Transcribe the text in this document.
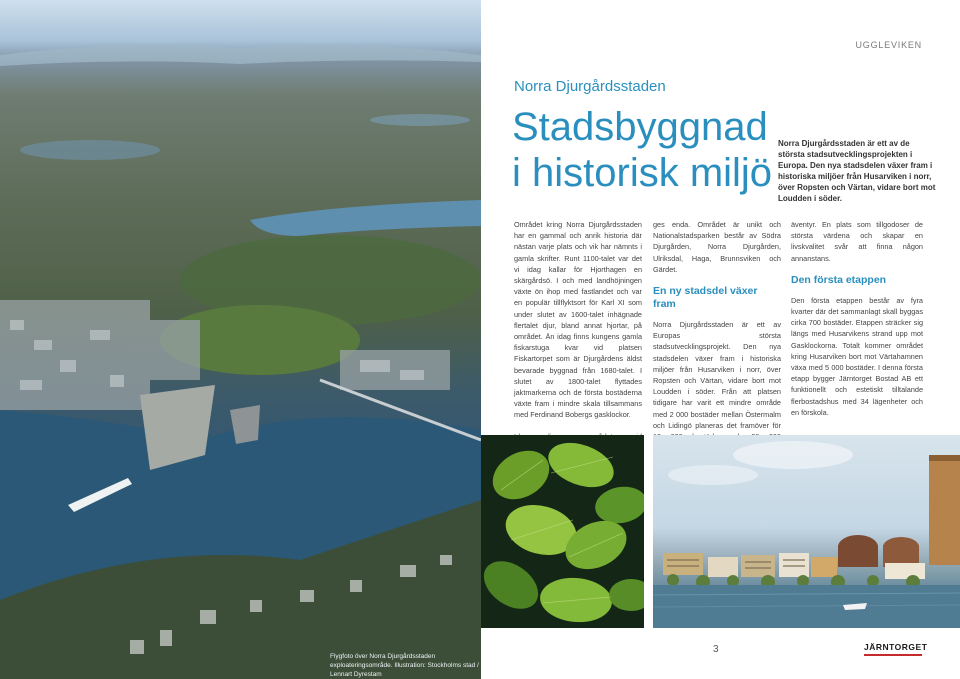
Flygfoto över Norra Djurgårdsstaden exploateringsområde. Illustration: Stockholms stad / Lennart Dyrestam
UGGLEVIKEN
Norra Djurgårdsstaden
Stadsbyggnad
i historisk miljö

Norra Djurgårdsstaden är ett av de största stadsutvecklingsprojekten i Europa. Den nya stadsdelen växer fram i historiska miljöer från Husarviken i norr, över Ropsten och Värtan, vidare bort mot Loudden i söder.

Området kring Norra Djurgårdsstaden har en gammal och anrik historia där nästan varje plats och vik har nämnts i gamla skrifter. Runt 1100-talet var det vi idag kallar för Hjorthagen en skärgårdsö. I och med landhöjningen växte ön ihop med fastlandet och var en populär tillflyktsort för Karl XI som under slutet av 1600-talet inhägnade flertalet djur, bland annat hjortar, på området. Än idag finns kungens gamla fiskarstuga kvar vid platsen Fiskartorpet som är Djurgårdens äldst bevarade byggnad från 1680-talet. I slutet av 1800-talet flyttades jaktmarkerna och de första bostäderna växte fram i mindre skala tillsammans med Ferdinand Bobergs gasklockor.

ges enda. Området är unikt och Nationalstadsparken består av Södra Djurgården, Norra Djurgården, Ulriksdal, Haga, Brunnsviken och Gärdet.

En ny stadsdel växer fram

Norra Djurgårdsstaden är ett av Europas största stadsutvecklingsprojekt. Den nya stadsdelen växer fram i historiska miljöer från Husarviken i norr, över Ropsten och Värtan, vidare bort mot Loudden i söder. Från att platsen tidigare har varit ett mindre område med 2 000 bostäder mellan Östermalm och Lidingö planeras det framöver för

äventyr. En plats som tillgodoser de största värdena och skapar en livskvalitet svår att finna någon annanstans.

Den första etappen

Den första etappen består av fyra kvarter där det sammanlagt skall byggas cirka 700 bostäder. Etappen sträcker sig längs med Husarvikens strand upp mot Gasklockorna. Totalt kommer området kring Husarviken bort mot Värtahamnen växa med 5 000 bostäder. I denna första etapp bygger Järntorget Bostad AB ett funktionellt och estetiskt tilltalande flerbostadshus med 34 lägenheter och en förskola.

3	JÄRNTORGET
